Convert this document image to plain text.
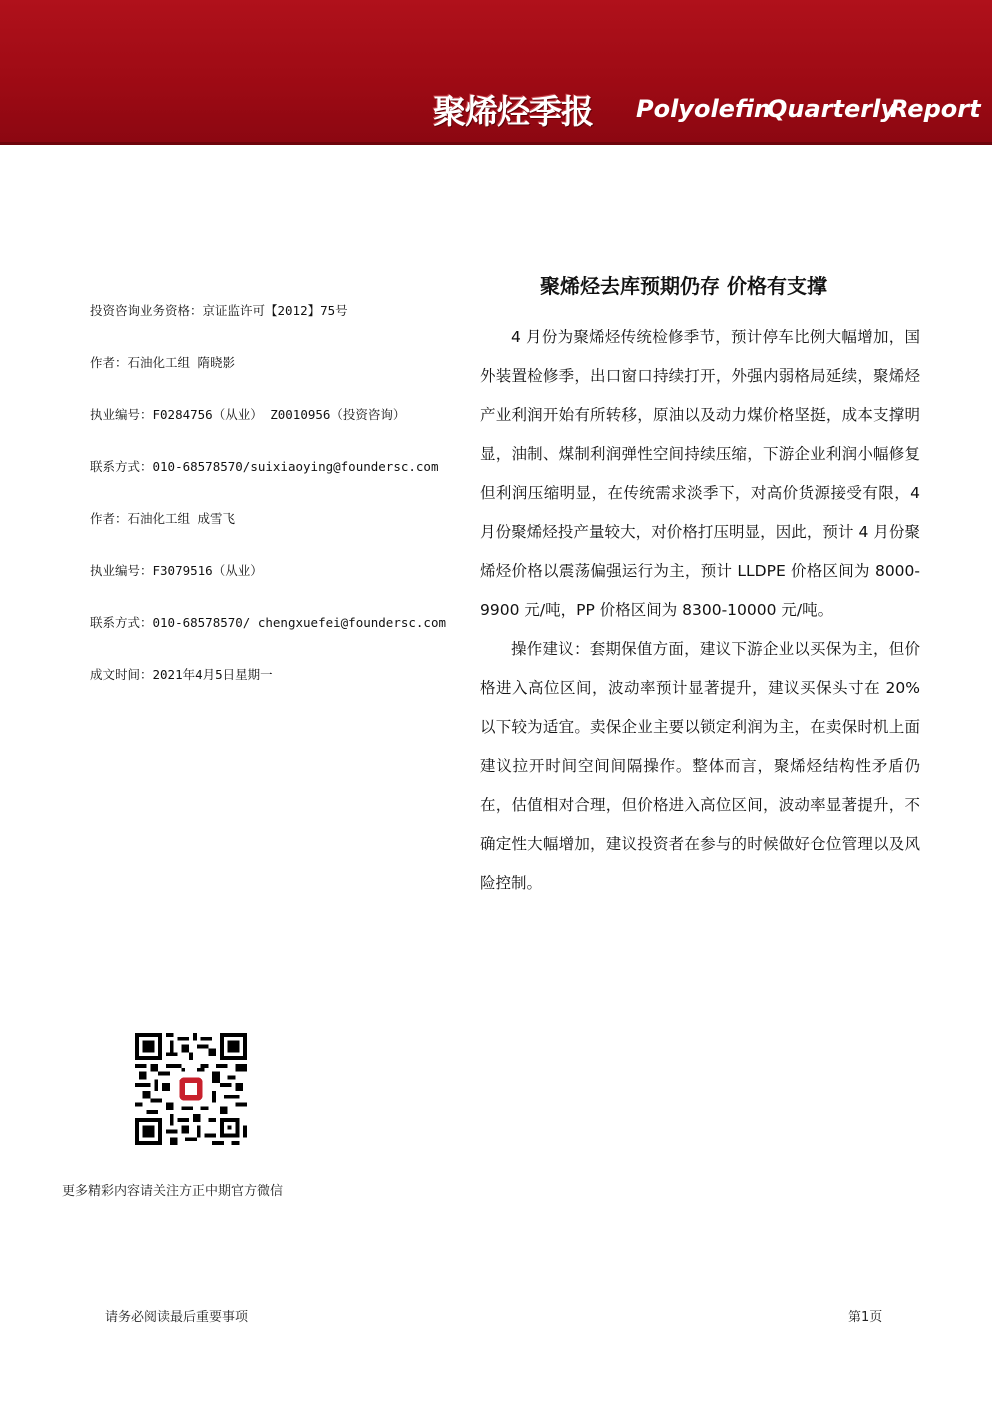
聚烯烃季报 Polyolefin
Quarterly
Report
投资咨询业务资格：京证监许可【2012】75号
作者：石油化工组 隋晓影
执业编号：F0284756（从业） Z0010956（投资咨询）
联系方式：010-68578570/suixiaoying@foundersc.com
作者：石油化工组 成雪飞
执业编号：F3079516（从业）
联系方式：010-68578570/ chengxuefei@foundersc.com
成文时间：2021年4月5日星期一
聚烯烃去库预期仍存 价格有支撑

4 月份为聚烯烃传统检修季节，预计停车比例大幅增加，国外装置检修季，出口窗口持续打开，外强内弱格局延续，聚烯烃产业利润开始有所转移，原油以及动力煤价格坚挺，成本支撑明显，油制、煤制利润弹性空间持续压缩，下游企业利润小幅修复但利润压缩明显，在传统需求淡季下，对高价货源接受有限，4 月份聚烯烃投产量较大，对价格打压明显，因此，预计 4 月份聚烯烃价格以震荡偏强运行为主，预计 LLDPE 价格区间为 8000-9900 元/吨，PP 价格区间为 8300-10000 元/吨。

操作建议：套期保值方面，建议下游企业以买保为主，但价格进入高位区间，波动率预计显著提升，建议买保头寸在 20%以下较为适宜。卖保企业主要以锁定利润为主，在卖保时机上面建议拉开时间空间间隔操作。整体而言，聚烯烃结构性矛盾仍在，估值相对合理，但价格进入高位区间，波动率显著提升，不确定性大幅增加，建议投资者在参与的时候做好仓位管理以及风险控制。

更多精彩内容请关注方正中期官方微信
请务必阅读最后重要事项	第1页
